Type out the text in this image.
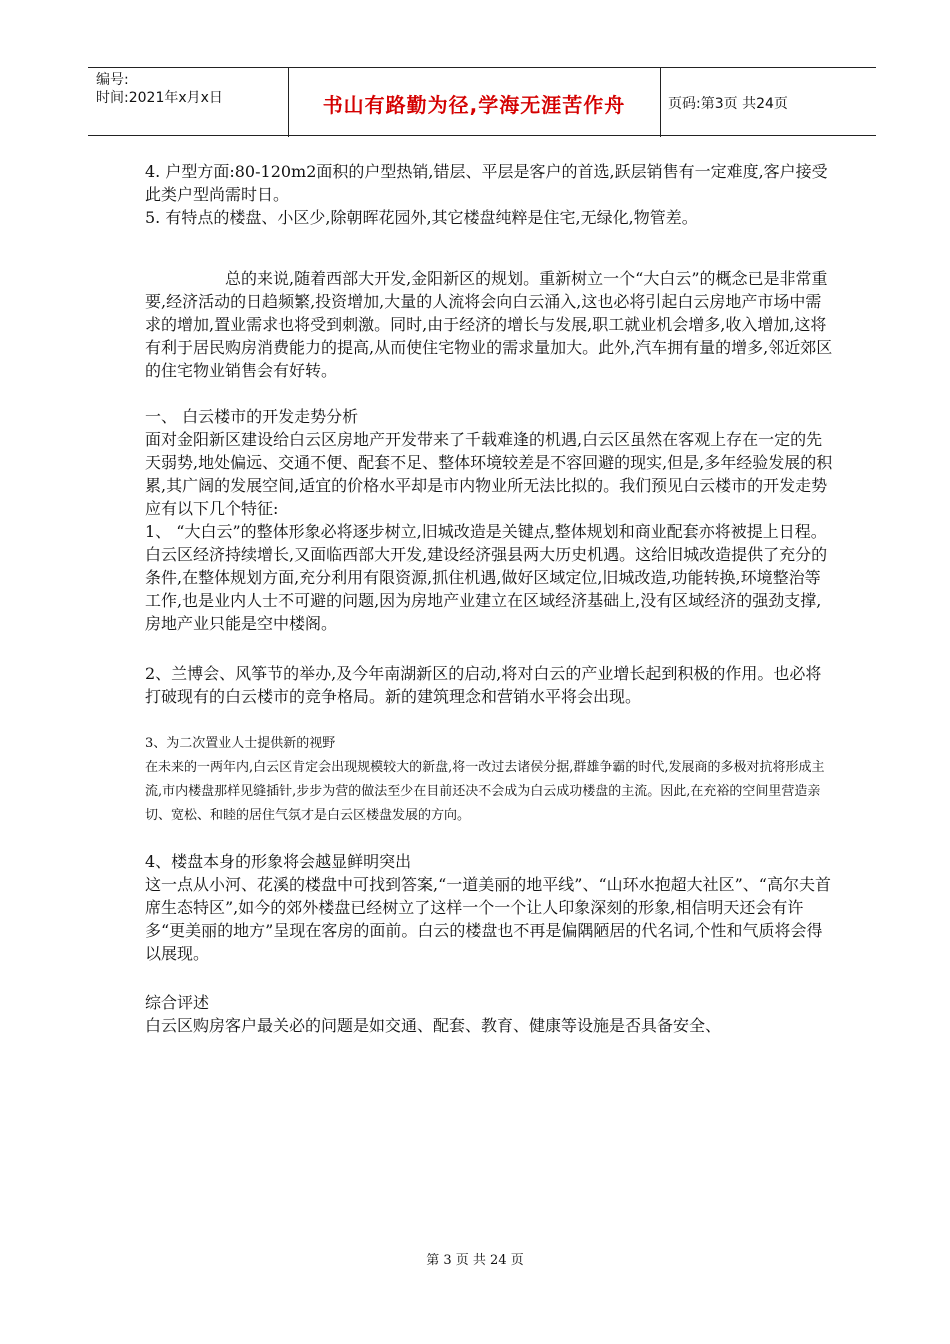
编号:
时间:2021年x月x日	书山有路勤为径,学海无涯苦作舟	页码:第3页 共24页

4. 户型方面:80-120m2面积的户型热销,错层、平层是客户的首选,跃层销售有一定难度,客户接受此类户型尚需时日。

5. 有特点的楼盘、小区少,除朝晖花园外,其它楼盘纯粹是住宅,无绿化,物管差。

总的来说,随着西部大开发,金阳新区的规划。重新树立一个“大白云”的概念已是非常重要,经济活动的日趋频繁,投资增加,大量的人流将会向白云涌入,这也必将引起白云房地产市场中需求的增加,置业需求也将受到刺激。同时,由于经济的增长与发展,职工就业机会增多,收入增加,这将有利于居民购房消费能力的提高,从而使住宅物业的需求量加大。此外,汽车拥有量的增多,邻近郊区的住宅物业销售会有好转。

一、 白云楼市的开发走势分析

面对金阳新区建设给白云区房地产开发带来了千载难逢的机遇,白云区虽然在客观上存在一定的先天弱势,地处偏远、交通不便、配套不足、整体环境较差是不容回避的现实,但是,多年经验发展的积累,其广阔的发展空间,适宜的价格水平却是市内物业所无法比拟的。我们预见白云楼市的开发走势应有以下几个特征:

1、 “大白云”的整体形象必将逐步树立,旧城改造是关键点,整体规划和商业配套亦将被提上日程。

白云区经济持续增长,又面临西部大开发,建设经济强县两大历史机遇。这给旧城改造提供了充分的条件,在整体规划方面,充分利用有限资源,抓住机遇,做好区域定位,旧城改造,功能转换,环境整治等工作,也是业内人士不可避的问题,因为房地产业建立在区域经济基础上,没有区域经济的强劲支撑,房地产业只能是空中楼阁。

2、兰博会、风筝节的举办,及今年南湖新区的启动,将对白云的产业增长起到积极的作用。也必将打破现有的白云楼市的竞争格局。新的建筑理念和营销水平将会出现。

3、为二次置业人士提供新的视野

在未来的一两年内,白云区肯定会出现规模较大的新盘,将一改过去诸侯分据,群雄争霸的时代,发展商的多极对抗将形成主流,市内楼盘那样见缝插针,步步为营的做法至少在目前还决不会成为白云成功楼盘的主流。因此,在充裕的空间里营造亲切、宽松、和睦的居住气氛才是白云区楼盘发展的方向。

4、楼盘本身的形象将会越显鲜明突出

这一点从小河、花溪的楼盘中可找到答案,“一道美丽的地平线”、“山环水抱超大社区”、“高尔夫首席生态特区”,如今的郊外楼盘已经树立了这样一个一个让人印象深刻的形象,相信明天还会有许多“更美丽的地方”呈现在客房的面前。白云的楼盘也不再是偏隅陋居的代名词,个性和气质将会得以展现。

综合评述

白云区购房客户最关必的问题是如交通、配套、教育、健康等设施是否具备安全、

第 3 页 共 24 页
